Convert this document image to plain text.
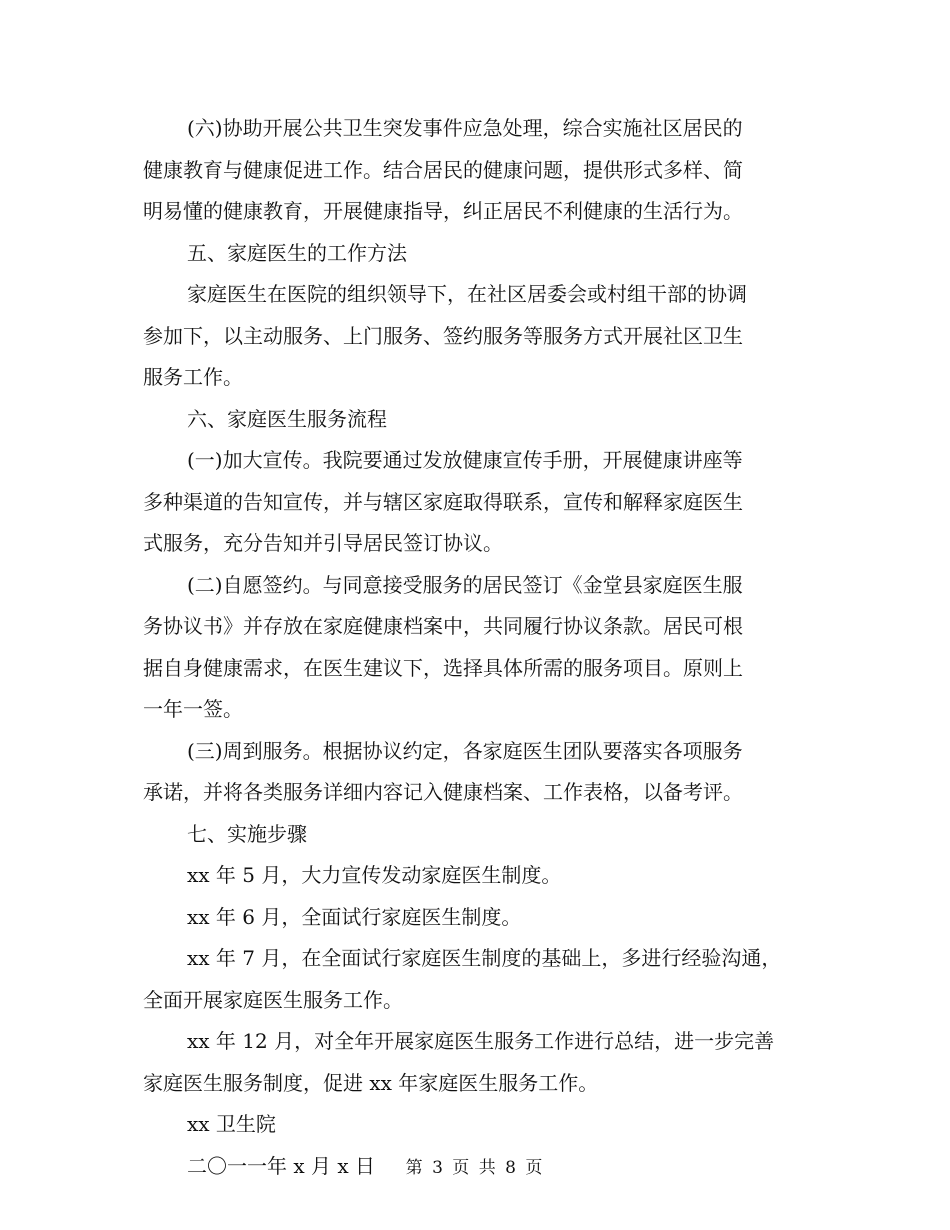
(六)协助开展公共卫生突发事件应急处理，综合实施社区居民的
健康教育与健康促进工作。结合居民的健康问题，提供形式多样、简
明易懂的健康教育，开展健康指导，纠正居民不利健康的生活行为。

五、家庭医生的工作方法

家庭医生在医院的组织领导下，在社区居委会或村组干部的协调
参加下，以主动服务、上门服务、签约服务等服务方式开展社区卫生
服务工作。

六、家庭医生服务流程

(一)加大宣传。我院要通过发放健康宣传手册，开展健康讲座等
多种渠道的告知宣传，并与辖区家庭取得联系，宣传和解释家庭医生
式服务，充分告知并引导居民签订协议。

(二)自愿签约。与同意接受服务的居民签订《金堂县家庭医生服
务协议书》并存放在家庭健康档案中，共同履行协议条款。居民可根
据自身健康需求，在医生建议下，选择具体所需的服务项目。原则上
一年一签。

(三)周到服务。根据协议约定，各家庭医生团队要落实各项服务
承诺，并将各类服务详细内容记入健康档案、工作表格，以备考评。

七、实施步骤

xx 年 5 月，大力宣传发动家庭医生制度。

xx 年 6 月，全面试行家庭医生制度。

xx 年 7 月，在全面试行家庭医生制度的基础上，多进行经验沟通，
全面开展家庭医生服务工作。

xx 年 12 月，对全年开展家庭医生服务工作进行总结，进一步完善
家庭医生服务制度，促进 xx 年家庭医生服务工作。

xx 卫生院

二〇一一年 x 月 x 日	第 3 页 共 8 页
